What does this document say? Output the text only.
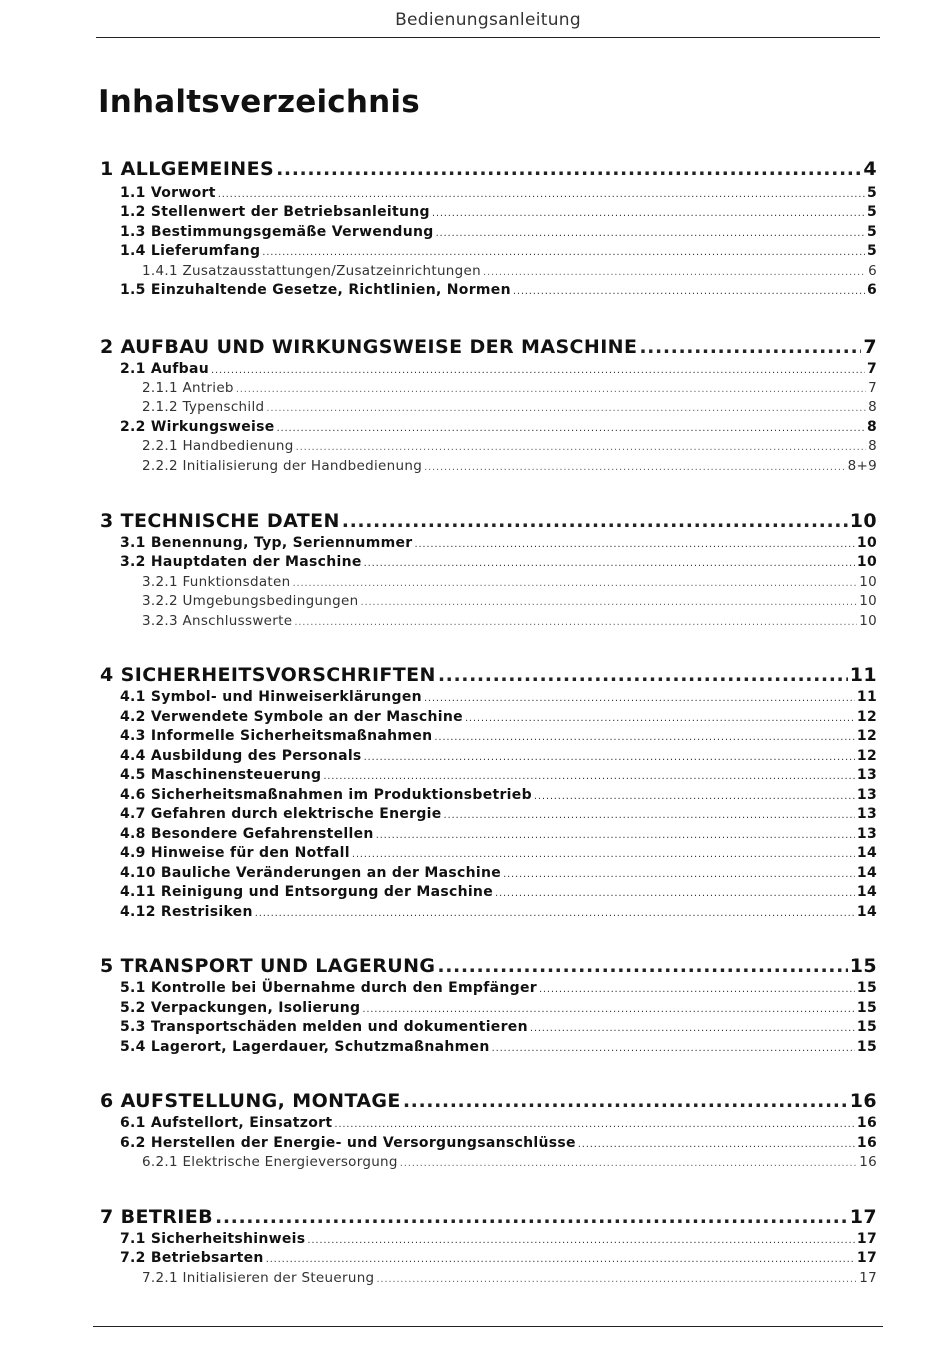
Bedienungsanleitung
Inhaltsverzeichnis
1 ALLGEMEINES .....	4
1.1 Vorwort .....	5
1.2 Stellenwert der Betriebsanleitung .....	5
1.3 Bestimmungsgemäße Verwendung .....	5
1.4 Lieferumfang .....	5
1.4.1 Zusatzausstattungen/Zusatzeinrichtungen .....	6
1.5 Einzuhaltende Gesetze, Richtlinien, Normen .....	6
2 AUFBAU UND WIRKUNGSWEISE DER MASCHINE .....	7
2.1 Aufbau .....	7
2.1.1 Antrieb .....	7
2.1.2 Typenschild .....	8
2.2 Wirkungsweise .....	8
2.2.1 Handbedienung .....	8
2.2.2 Initialisierung der Handbedienung .....	8+9
3 TECHNISCHE DATEN .....	10
3.1 Benennung, Typ, Seriennummer .....	10
3.2 Hauptdaten der Maschine .....	10
3.2.1 Funktionsdaten .....	10
3.2.2 Umgebungsbedingungen .....	10
3.2.3 Anschlusswerte .....	10
4 SICHERHEITSVORSCHRIFTEN .....	11
4.1 Symbol- und Hinweiserklärungen .....	11
4.2 Verwendete Symbole an der Maschine .....	12
4.3 Informelle Sicherheitsmaßnahmen .....	12
4.4 Ausbildung des Personals .....	12
4.5 Maschinensteuerung .....	13
4.6 Sicherheitsmaßnahmen im Produktionsbetrieb .....	13
4.7 Gefahren durch elektrische Energie .....	13
4.8 Besondere Gefahrenstellen .....	13
4.9 Hinweise für den Notfall .....	14
4.10 Bauliche Veränderungen an der Maschine .....	14
4.11 Reinigung und Entsorgung der Maschine .....	14
4.12 Restrisiken .....	14
5 TRANSPORT UND LAGERUNG .....	15
5.1 Kontrolle bei Übernahme durch den Empfänger .....	15
5.2 Verpackungen, Isolierung .....	15
5.3 Transportschäden melden und dokumentieren .....	15
5.4 Lagerort, Lagerdauer, Schutzmaßnahmen .....	15
6 AUFSTELLUNG, MONTAGE .....	16
6.1 Aufstellort, Einsatzort .....	16
6.2 Herstellen der Energie- und Versorgungsanschlüsse .....	16
6.2.1 Elektrische Energieversorgung .....	16
7 BETRIEB .....	17
7.1 Sicherheitshinweis .....	17
7.2 Betriebsarten .....	17
7.2.1 Initialisieren der Steuerung .....	17
